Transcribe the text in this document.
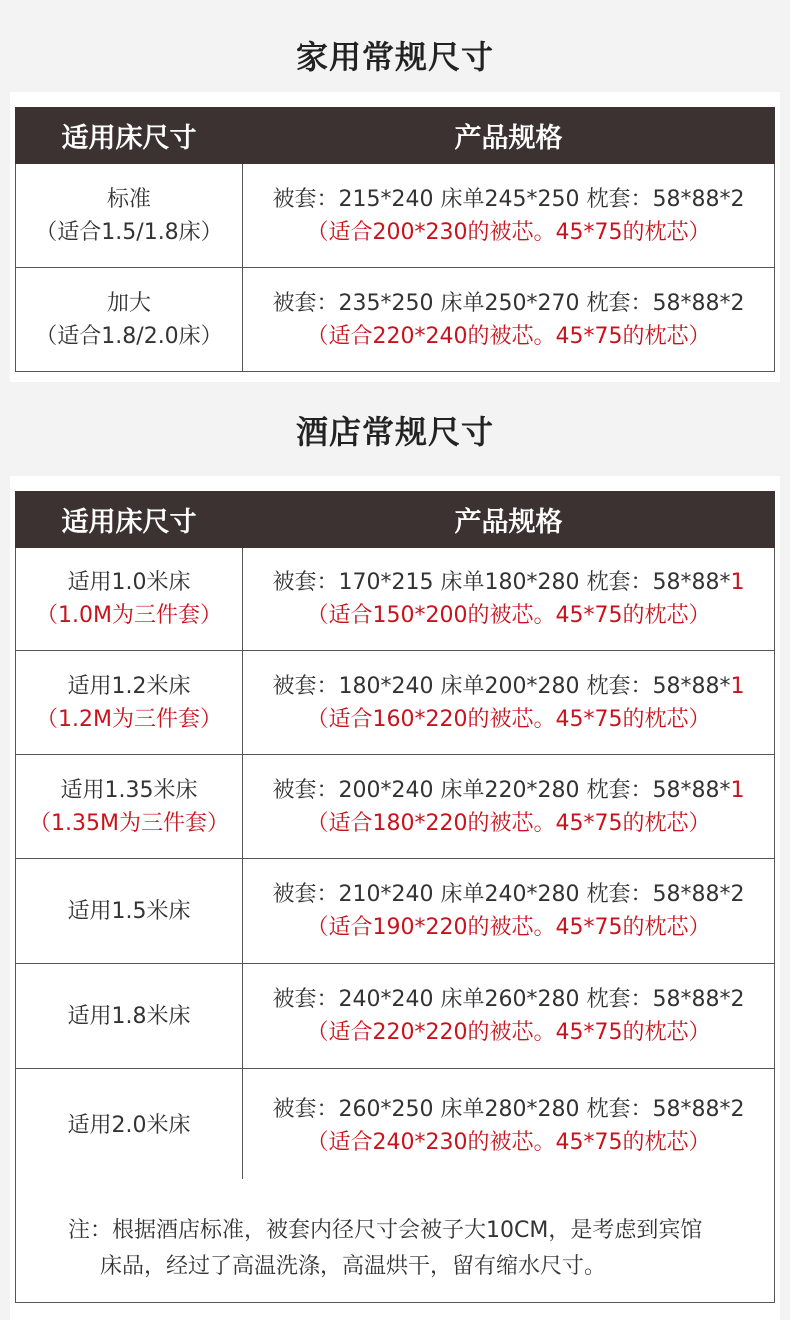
家用常规尺寸
适用床尺寸	产品规格

标准
（适合1.5/1.8床）	被套：215*240 床单245*250 枕套：58*88*2
（适合200*230的被芯。45*75的枕芯）

加大
（适合1.8/2.0床）	被套：235*250 床单250*270 枕套：58*88*2
（适合220*240的被芯。45*75的枕芯）
酒店常规尺寸
适用床尺寸	产品规格

适用1.0米床
（1.0M为三件套）	被套：170*215 床单180*280 枕套：58*88*1
（适合150*200的被芯。45*75的枕芯）

适用1.2米床
（1.2M为三件套）	被套：180*240 床单200*280 枕套：58*88*1
（适合160*220的被芯。45*75的枕芯）

适用1.35米床
（1.35M为三件套）	被套：200*240 床单220*280 枕套：58*88*1
（适合180*220的被芯。45*75的枕芯）

适用1.5米床	被套：210*240 床单240*280 枕套：58*88*2
（适合190*220的被芯。45*75的枕芯）

适用1.8米床	被套：240*240 床单260*280 枕套：58*88*2
（适合220*220的被芯。45*75的枕芯）

适用2.0米床	被套：260*250 床单280*280 枕套：58*88*2
（适合240*230的被芯。45*75的枕芯）
注：根据酒店标准，被套内径尺寸会被子大10CM，是考虑到宾馆
床品，经过了高温洗涤，高温烘干，留有缩水尺寸。
